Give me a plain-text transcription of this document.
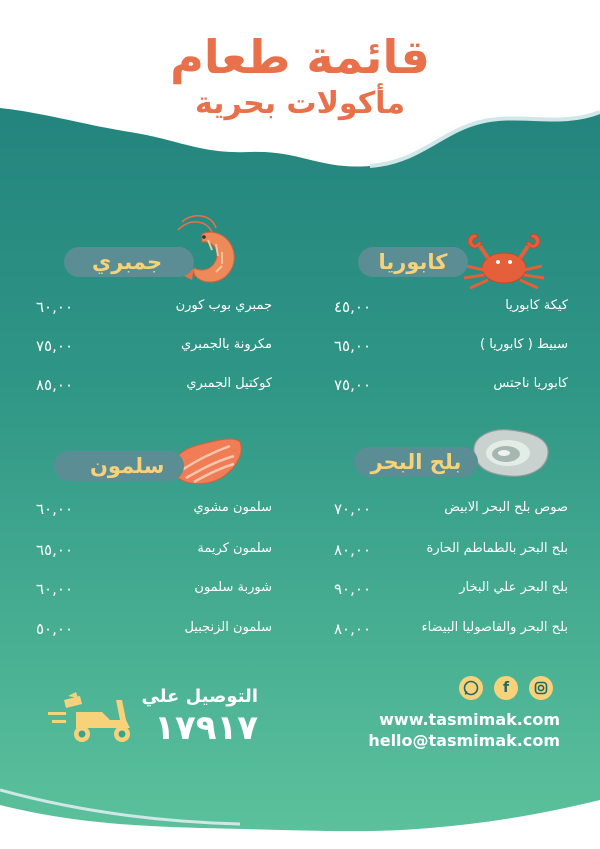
قائمة طعام
مأكولات بحرية
كابوريا
جمبري
بلح البحر
سلمون
كيكة كابوريا
٤٥,٠٠
سبيط ( كابوريا )
٦٥,٠٠
كابوريا ناجتس
٧٥,٠٠
جمبري بوب كورن
٦٠,٠٠
مكرونة بالجمبري
٧٥,٠٠
كوكتيل الجمبري
٨٥,٠٠
صوص بلح البحر الابيض
٧٠,٠٠
بلح البحر بالطماطم الحارة
٨٠,٠٠
بلح البحر علي البخار
٩٠,٠٠
بلح البحر والفاصوليا البيضاء
٨٠,٠٠
سلمون مشوي
٦٠,٠٠
سلمون كريمة
٦٥,٠٠
شوربة سلمون
٦٠,٠٠
سلمون الزنجبيل
٥٠,٠٠
f
www.tasmimak.com
hello@tasmimak.com
التوصيل علي
١٧٩١٧
